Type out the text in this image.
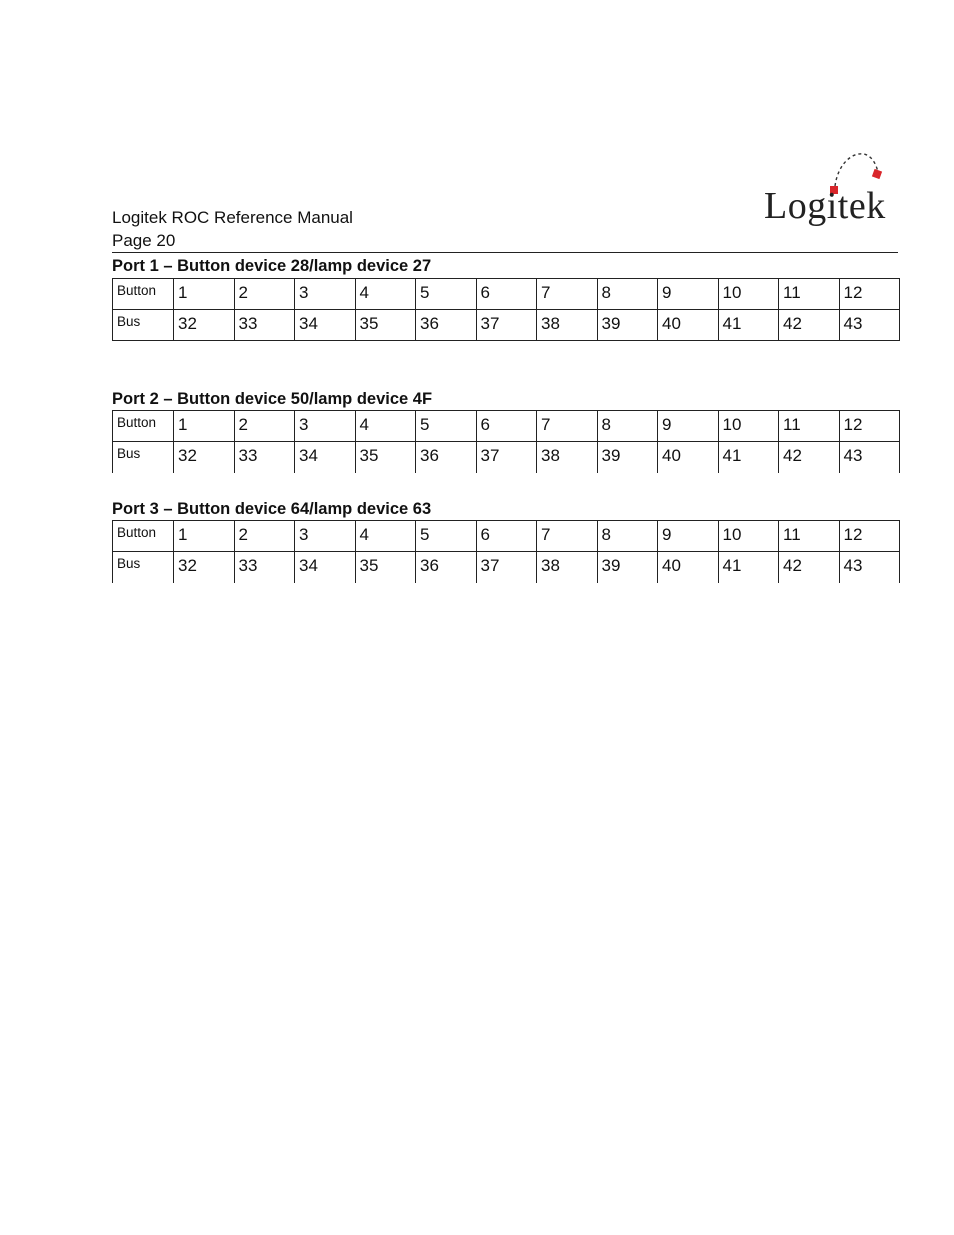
Logitek ROC Reference Manual
Page 20
Logitek
Port 1 – Button device 28/lamp device 27
Button	1	2	3	4	5	6	7	8	9	10	11	12
Bus	32	33	34	35	36	37	38	39	40	41	42	43
Port 2 – Button device 50/lamp device 4F
Button	1	2	3	4	5	6	7	8	9	10	11	12
Bus	32	33	34	35	36	37	38	39	40	41	42	43
Port 3 – Button device 64/lamp device 63
Button	1	2	3	4	5	6	7	8	9	10	11	12
Bus	32	33	34	35	36	37	38	39	40	41	42	43
